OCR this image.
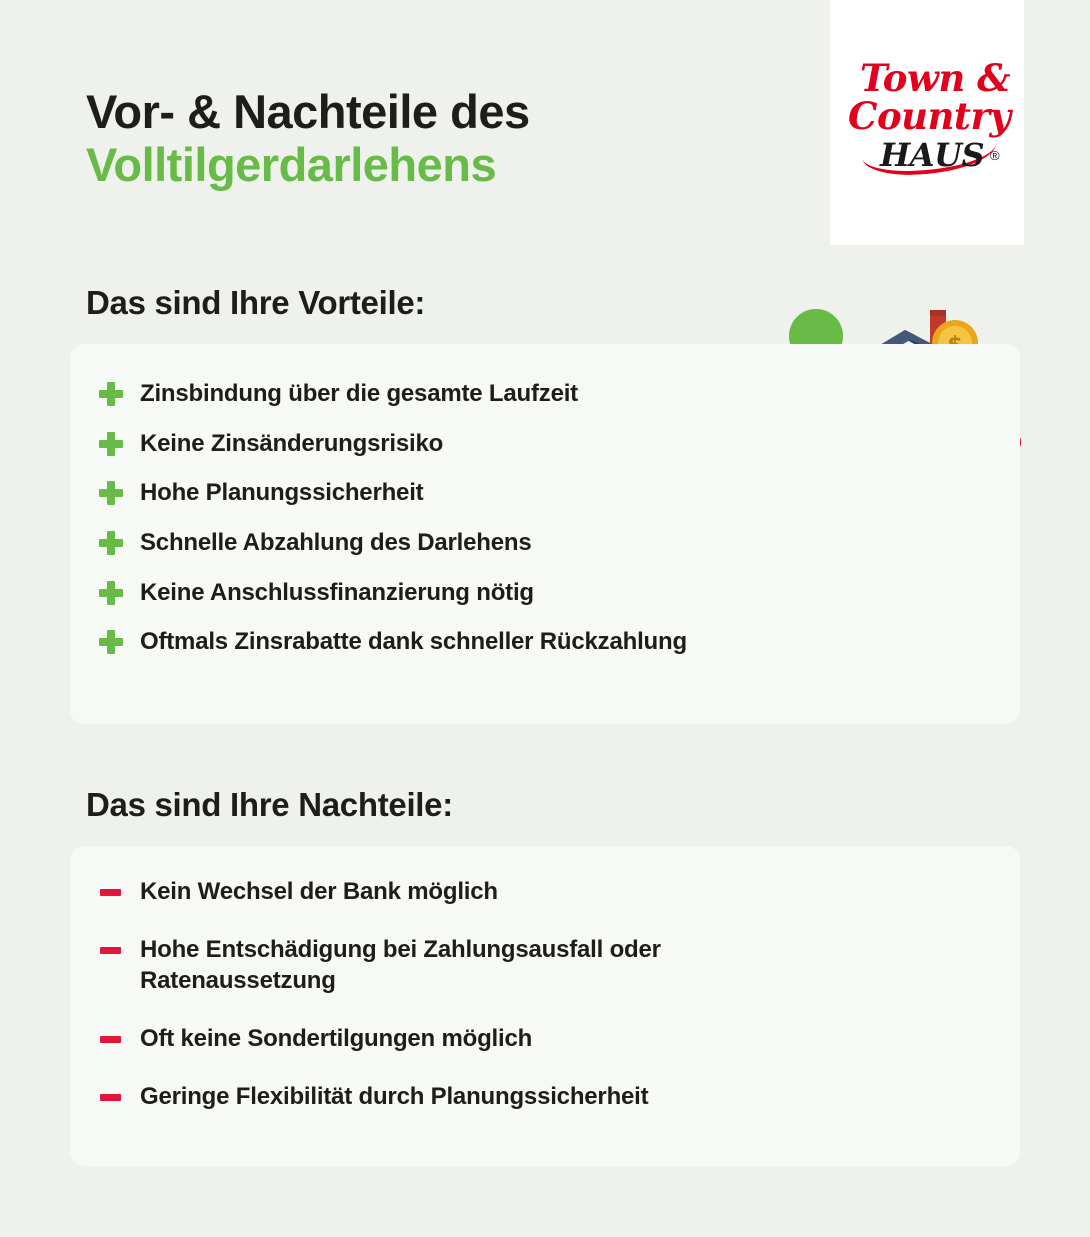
Town &
Country
HAUS ®
Vor- & Nachteile des
Volltilgerdarlehens
Das sind Ihre Vorteile:
Zinsbindung über die gesamte Laufzeit
Keine Zinsänderungsrisiko
Hohe Planungssicherheit
Schnelle Abzahlung des Darlehens
Keine Anschlussfinanzierung nötig
Oftmals Zinsrabatte dank schneller Rückzahlung
Das sind Ihre Nachteile:
Kein Wechsel der Bank möglich
Hohe Entschädigung bei Zahlungsausfall oder Ratenaussetzung
Oft keine Sondertilgungen möglich
Geringe Flexibilität durch Planungssicherheit
